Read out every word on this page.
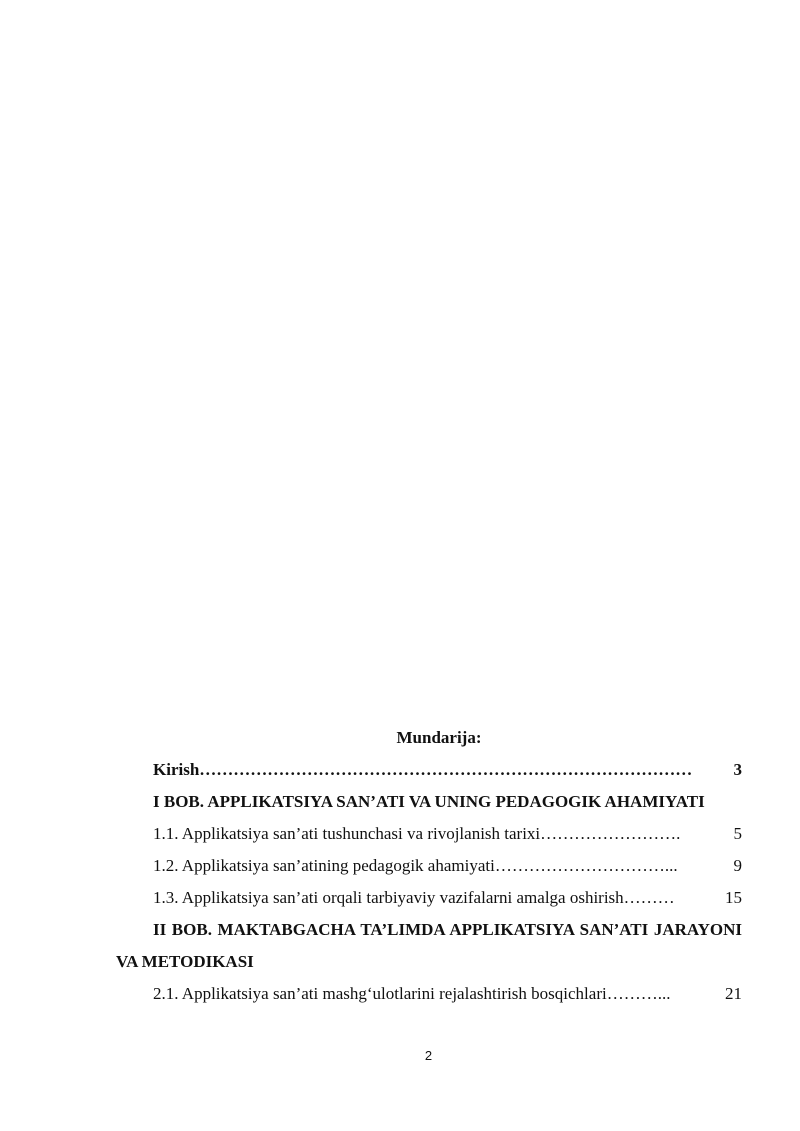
Mundarija:
Kirish ……………………………………………………………………………	3

I BOB. APPLIKATSIYA SAN’ATI VA UNING PEDAGOGIK AHAMIYATI

1.1. Applikatsiya san’ati tushunchasi va rivojlanish tarixi …………………….	5
1.2. Applikatsiya san’atining pedagogik ahamiyati …………………………...	9
1.3. Applikatsiya san’ati orqali tarbiyaviy vazifalarni amalga oshirish ………	15

II BOB. MAKTABGACHA TA’LIMDA APPLIKATSIYA SAN’ATI JARAYONI VA METODIKASI

2.1. Applikatsiya san’ati mashg‘ulotlarini rejalashtirish bosqichlari ………...	21
2
